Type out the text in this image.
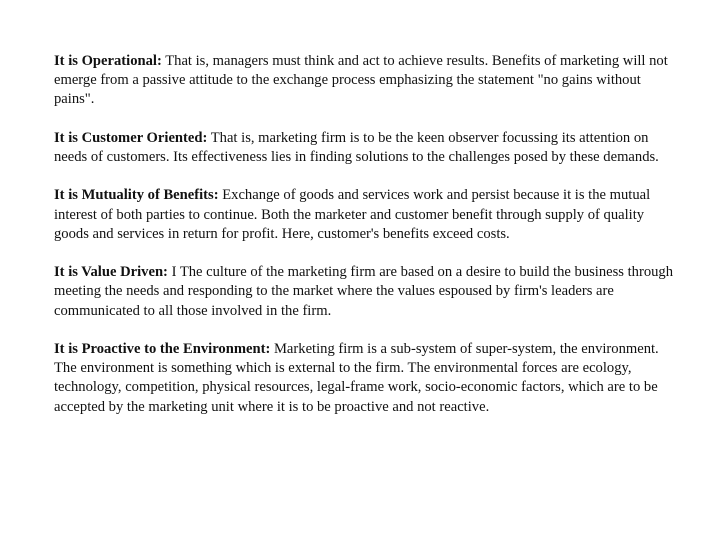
It is Operational: That is, managers must think and act to achieve results. Benefits of marketing will not emerge from a passive attitude to the exchange process emphasizing the statement "no gains without pains".

It is Customer Oriented: That is, marketing firm is to be the keen observer focussing its attention on needs of customers. Its effectiveness lies in finding solutions to the challenges posed by these demands.

It is Mutuality of Benefits: Exchange of goods and services work and persist because it is the mutual interest of both parties to continue. Both the marketer and customer benefit through supply of quality goods and services in return for profit. Here, customer's benefits exceed costs.

It is Value Driven: I The culture of the marketing firm are based on a desire to build the business through meeting the needs and responding to the market where the values espoused by firm's leaders are communicated to all those involved in the firm.

It is Proactive to the Environment: Marketing firm is a sub-system of super-system, the environment. The environment is something which is external to the firm. The environmental forces are ecology, technology, competition, physical resources, legal-frame work, socio-economic factors, which are to be accepted by the marketing unit where it is to be proactive and not reactive.
